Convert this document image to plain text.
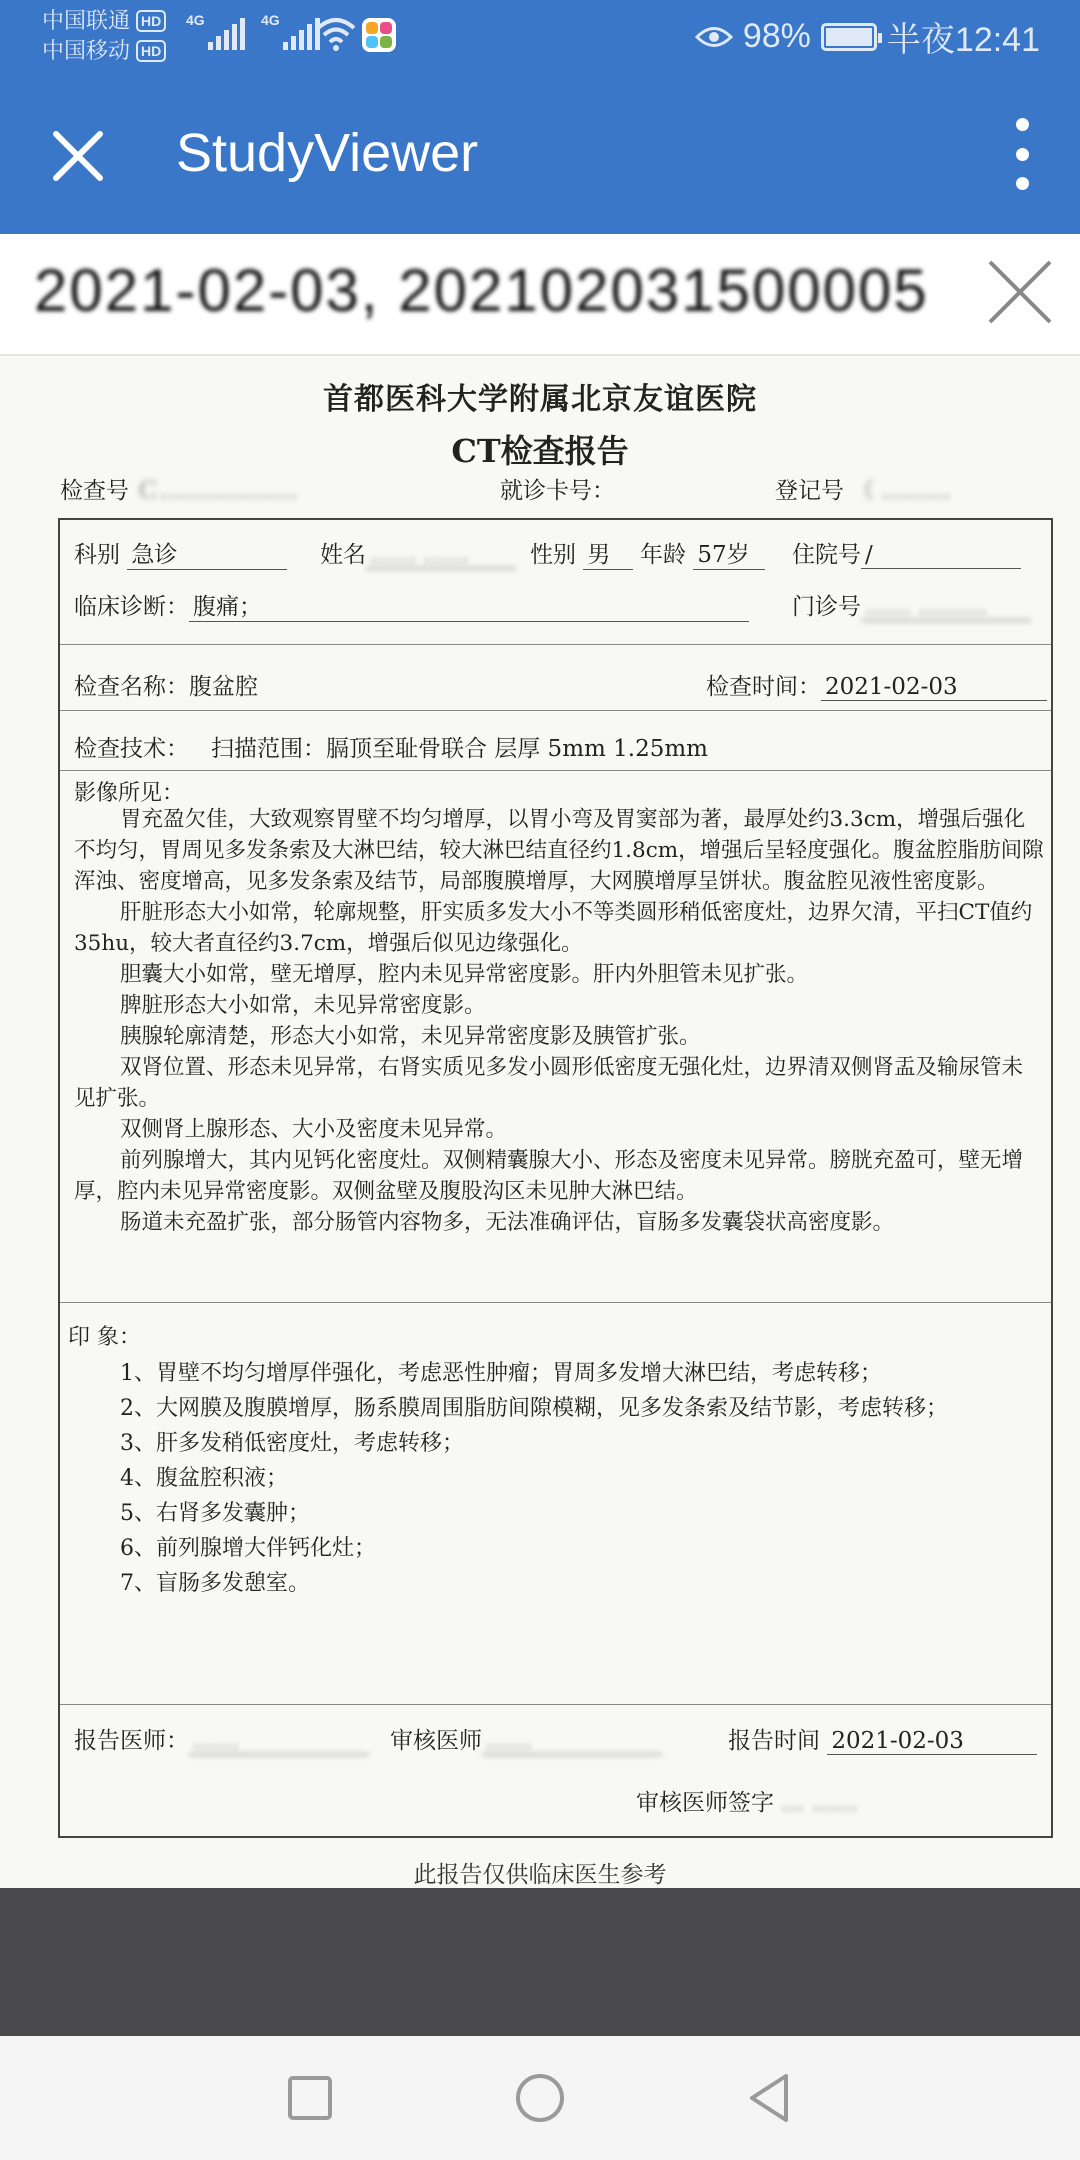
中国联通 HD
中国移动 HD
4G	4G	98% 半夜12:41
StudyViewer
2021-02-03, 202102031500005
首都医科大学附属北京友谊医院
CT检查报告
检查号 Ｃ………………	就诊卡号：	登记号 （ ………
科别 急诊	姓名 …… ……	性别 男	年龄 57岁	住院号 /
临床诊断： 腹痛；	门诊号 …… ………
检查名称：腹盆腔	检查时间： 2021-02-03
检查技术： 扫描范围：膈顶至耻骨联合 层厚 5mm 1.25mm
影像所见：

胃充盈欠佳，大致观察胃壁不均匀增厚，以胃小弯及胃窦部为著，最厚处约3.3cm，增强后强化不均匀，胃周见多发条索及大淋巴结，较大淋巴结直径约1.8cm，增强后呈轻度强化。腹盆腔脂肪间隙浑浊、密度增高，见多发条索及结节，局部腹膜增厚，大网膜增厚呈饼状。腹盆腔见液性密度影。

肝脏形态大小如常，轮廓规整，肝实质多发大小不等类圆形稍低密度灶，边界欠清，平扫CT值约35hu，较大者直径约3.7cm，增强后似见边缘强化。

胆囊大小如常，壁无增厚，腔内未见异常密度影。肝内外胆管未见扩张。

脾脏形态大小如常，未见异常密度影。

胰腺轮廓清楚，形态大小如常，未见异常密度影及胰管扩张。

双肾位置、形态未见异常，右肾实质见多发小圆形低密度无强化灶，边界清双侧肾盂及输尿管未见扩张。

双侧肾上腺形态、大小及密度未见异常。

前列腺增大，其内见钙化密度灶。双侧精囊腺大小、形态及密度未见异常。膀胱充盈可，壁无增厚，腔内未见异常密度影。双侧盆壁及腹股沟区未见肿大淋巴结。

肠道未充盈扩张，部分肠管内容物多，无法准确评估，盲肠多发囊袋状高密度影。

印 象：
1、胃壁不均匀增厚伴强化，考虑恶性肿瘤；胃周多发增大淋巴结，考虑转移；
2、大网膜及腹膜增厚，肠系膜周围脂肪间隙模糊，见多发条索及结节影，考虑转移；
3、肝多发稍低密度灶，考虑转移；
4、腹盆腔积液；
5、右肾多发囊肿；
6、前列腺增大伴钙化灶；
7、盲肠多发憩室。
报告医师： ……	审核医师 ……	报告时间 2021-02-03
审核医师签字 … ……
此报告仅供临床医生参考
